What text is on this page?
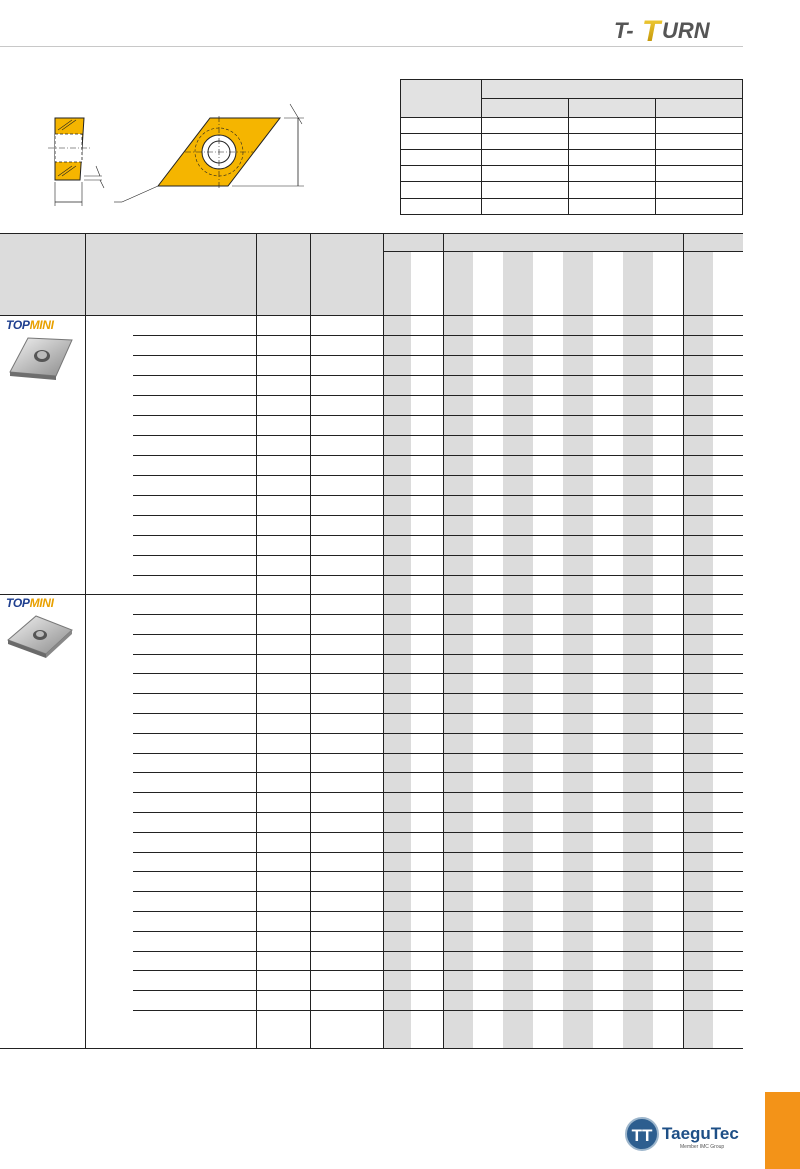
T- T URN

TOPMINI
TOPMINI
TT TaeguTec
Member IMC Group
